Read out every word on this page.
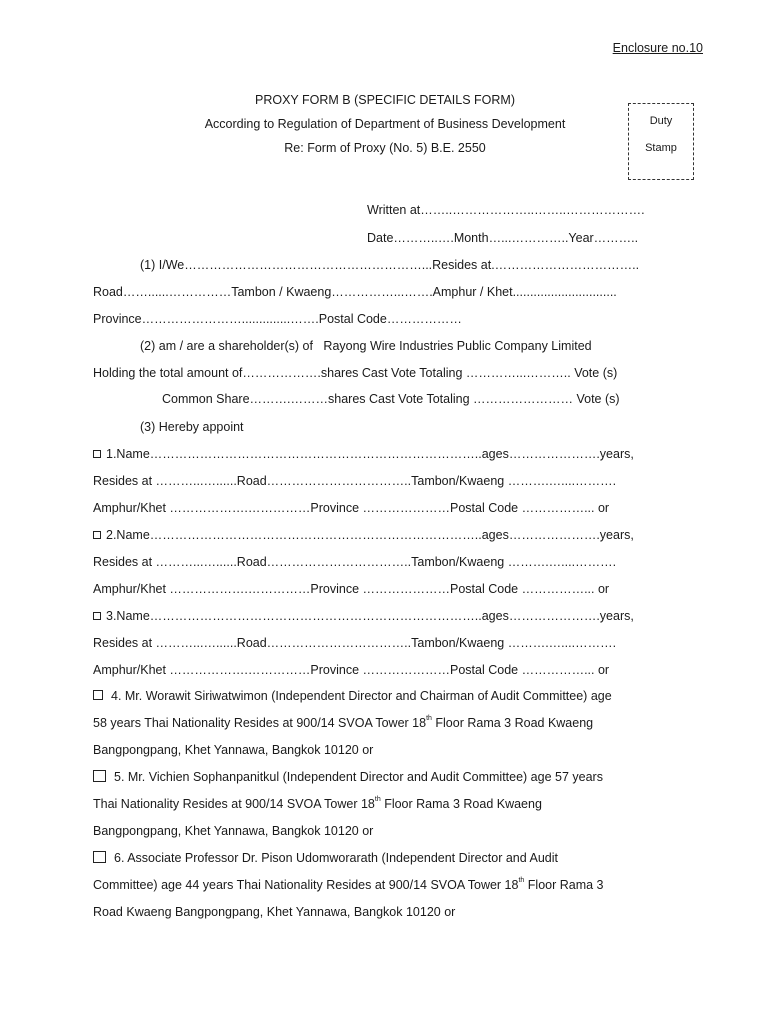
Enclosure no.10
PROXY FORM B (SPECIFIC DETAILS FORM)
According to Regulation of Department of Business Development
Re: Form of Proxy (No. 5) B.E. 2550
Duty
Stamp
Written at……..………………..……..……………….
Date………..….Month…...…………..Year………..
(1) I/We…………………………………………………...Resides at.……………………………..
Road……......……………Tambon / Kwaeng……………...…….Amphur / Khet..............................
Province……………………..............…….Postal Code………………
(2) am / are a shareholder(s) of Rayong Wire Industries Public Company Limited
Holding the total amount of……………….shares Cast Vote Totaling …………...……….. Vote (s)
Common Share……….………shares Cast Vote Totaling …………………… Vote (s)
(3) Hereby appoint
1.Name……………………………………………………………………..ages………………….years,
Resides at ………...…......Road……………………………..Tambon/Kwaeng ……….…....……….
Amphur/Khet ……………….……………Province …………………Postal Code ……………... or
2.Name……………………………………………………………………..ages………………….years,
Resides at ………...…......Road……………………………..Tambon/Kwaeng ……….…....……….
Amphur/Khet ……………….……………Province …………………Postal Code ……………... or
3.Name……………………………………………………………………..ages………………….years,
Resides at ………...…......Road……………………………..Tambon/Kwaeng ……….…....……….
Amphur/Khet ……………….……………Province …………………Postal Code ……………... or
4. Mr. Worawit Siriwatwimon (Independent Director and Chairman of Audit Committee) age
58 years Thai Nationality Resides at 900/14 SVOA Tower 18th Floor Rama 3 Road Kwaeng
Bangpongpang, Khet Yannawa, Bangkok 10120 or
5. Mr. Vichien Sophanpanitkul (Independent Director and Audit Committee) age 57 years
Thai Nationality Resides at 900/14 SVOA Tower 18th Floor Rama 3 Road Kwaeng
Bangpongpang, Khet Yannawa, Bangkok 10120 or
6. Associate Professor Dr. Pison Udomworarath (Independent Director and Audit
Committee) age 44 years Thai Nationality Resides at 900/14 SVOA Tower 18th Floor Rama 3
Road Kwaeng Bangpongpang, Khet Yannawa, Bangkok 10120 or
